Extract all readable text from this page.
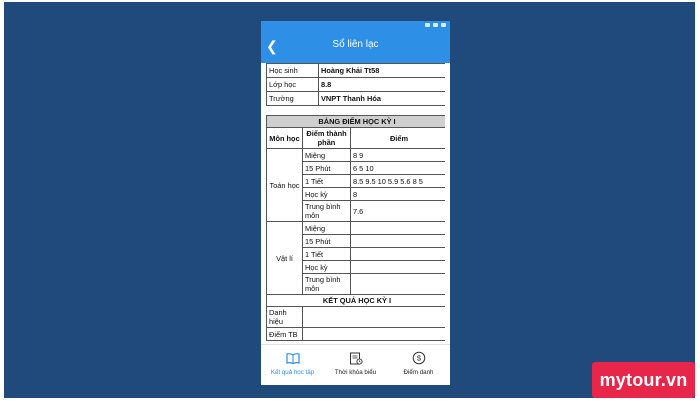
❮	Sổ liên lạc
Học sinh	Hoàng Khải Tt58
Lớp học	8.8
Trường	VNPT Thanh Hóa
BẢNG ĐIỂM HỌC KỲ I		
Môn học	Điểm thành phần	Điểm
Toán học	Miệng	8 9
	15 Phút	6 5 10
	1 Tiết	8.5 9.5 10 5.9 5.6 8 5
	Học kỳ	8
	Trung bình môn	7.6
Vật lí	Miệng	
	15 Phút	
	1 Tiết	
	Học kỳ	
	Trung bình môn	
KẾT QUẢ HỌC KỲ I		
Danh hiệu		
Điểm TB		
Kết quả học tập	Thời khóa biểu
$
Điểm danh	mytour.vn
